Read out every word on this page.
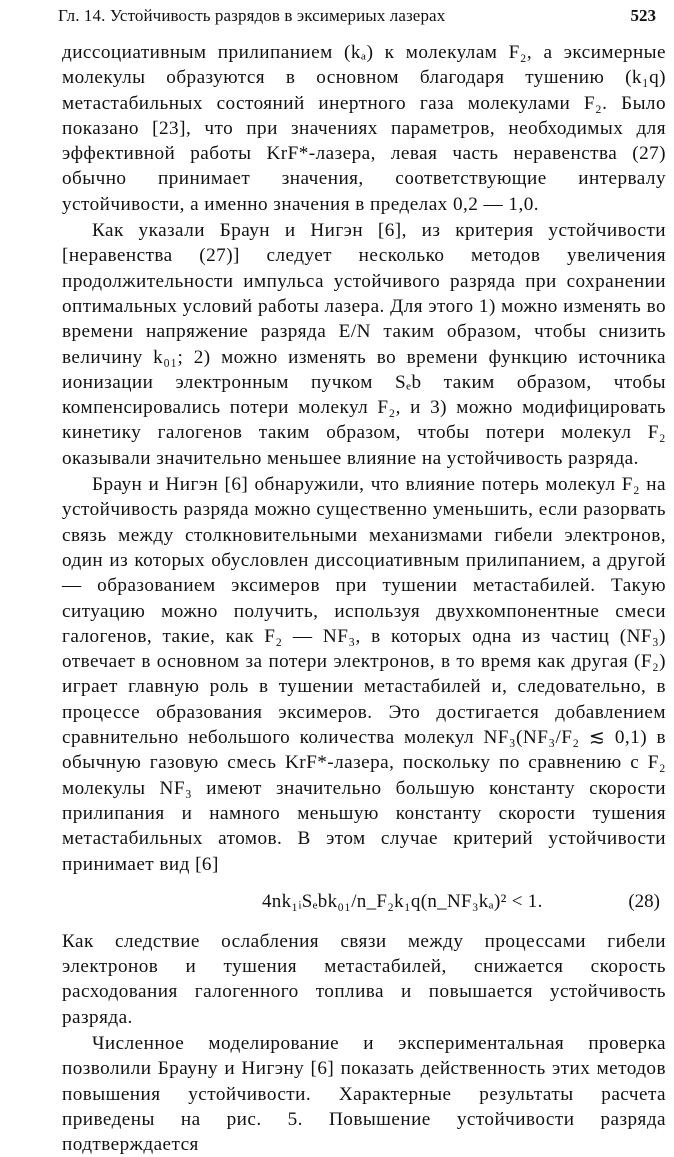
Гл. 14. Устойчивость разрядов в эксимериых лазерах	523

диссоциативным прилипанием (kₐ) к молекулам F₂, а эксимерные молекулы образуются в основном благодаря тушению (k₁q) метастабильных состояний инертного газа молекулами F₂. Было показано [23], что при значениях параметров, необходимых для эффективной работы KrF*-лазера, левая часть неравенства (27) обычно принимает значения, соответствующие интервалу устойчивости, а именно значения в пределах 0,2 — 1,0.

Как указали Браун и Нигэн [6], из критерия устойчивости [неравенства (27)] следует несколько методов увеличения продолжительности импульса устойчивого разряда при сохранении оптимальных условий работы лазера. Для этого 1) можно изменять во времени напряжение разряда E/N таким образом, чтобы снизить величину k₀₁; 2) можно изменять во времени функцию источника ионизации электронным пучком Sₑb таким образом, чтобы компенсировались потери молекул F₂, и 3) можно модифицировать кинетику галогенов таким образом, чтобы потери молекул F₂ оказывали значительно меньшее влияние на устойчивость разряда.

Браун и Нигэн [6] обнаружили, что влияние потерь молекул F₂ на устойчивость разряда можно существенно уменьшить, если разорвать связь между столкновительными механизмами гибели электронов, один из которых обусловлен диссоциативным прилипанием, а другой — образованием эксимеров при тушении метастабилей. Такую ситуацию можно получить, используя двухкомпонентные смеси галогенов, такие, как F₂ — NF₃, в которых одна из частиц (NF₃) отвечает в основном за потери электронов, в то время как другая (F₂) играет главную роль в тушении метастабилей и, следовательно, в процессе образования эксимеров. Это достигается добавлением сравнительно небольшого количества молекул NF₃(NF₃/F₂ ≲ 0,1) в обычную газовую смесь KrF*-лазера, поскольку по сравнению с F₂ молекулы NF₃ имеют значительно большую константу скорости прилипания и намного меньшую константу скорости тушения метастабильных атомов. В этом случае критерий устойчивости принимает вид [6]

4nk₁ᵢSₑbk₀₁/n_F₂k₁q(n_NF₃kₐ)² < 1.	(28)

Как следствие ослабления связи между процессами гибели электронов и тушения метастабилей, снижается скорость расходования галогенного топлива и повышается устойчивость разряда.

Численное моделирование и экспериментальная проверка позволили Брауну и Нигэну [6] показать действенность этих методов повышения устойчивости. Характерные результаты расчета приведены на рис. 5. Повышение устойчивости разряда подтверждается
